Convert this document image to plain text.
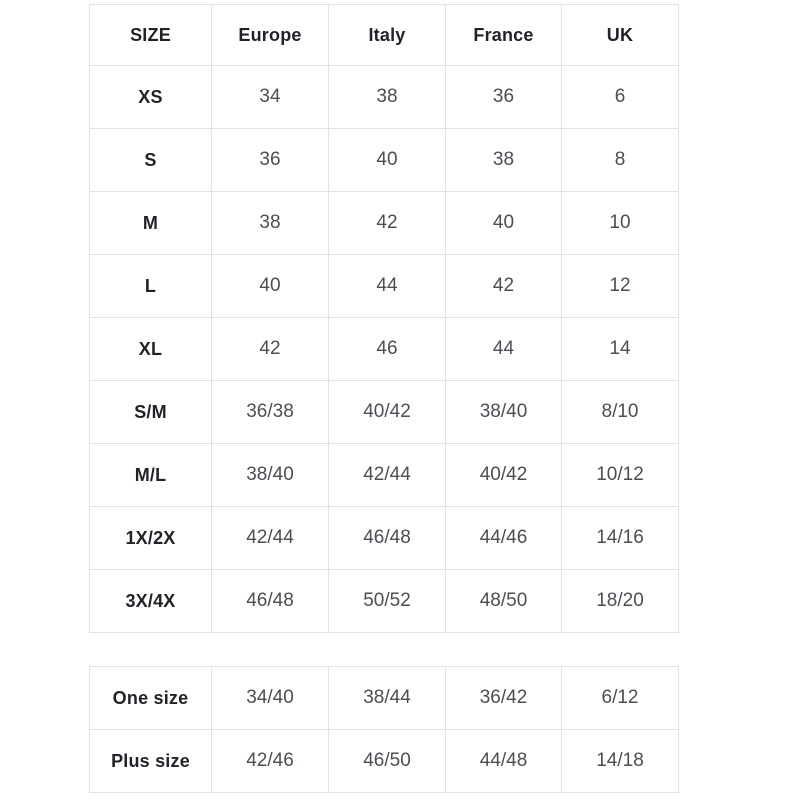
SIZE	Europe	Italy	France	UK
XS	34	38	36	6
S	36	40	38	8
M	38	42	40	10
L	40	44	42	12
XL	42	46	44	14
S/M	36/38	40/42	38/40	8/10
M/L	38/40	42/44	40/42	10/12
1X/2X	42/44	46/48	44/46	14/16
3X/4X	46/48	50/52	48/50	18/20
One size	34/40	38/44	36/42	6/12
Plus size	42/46	46/50	44/48	14/18
